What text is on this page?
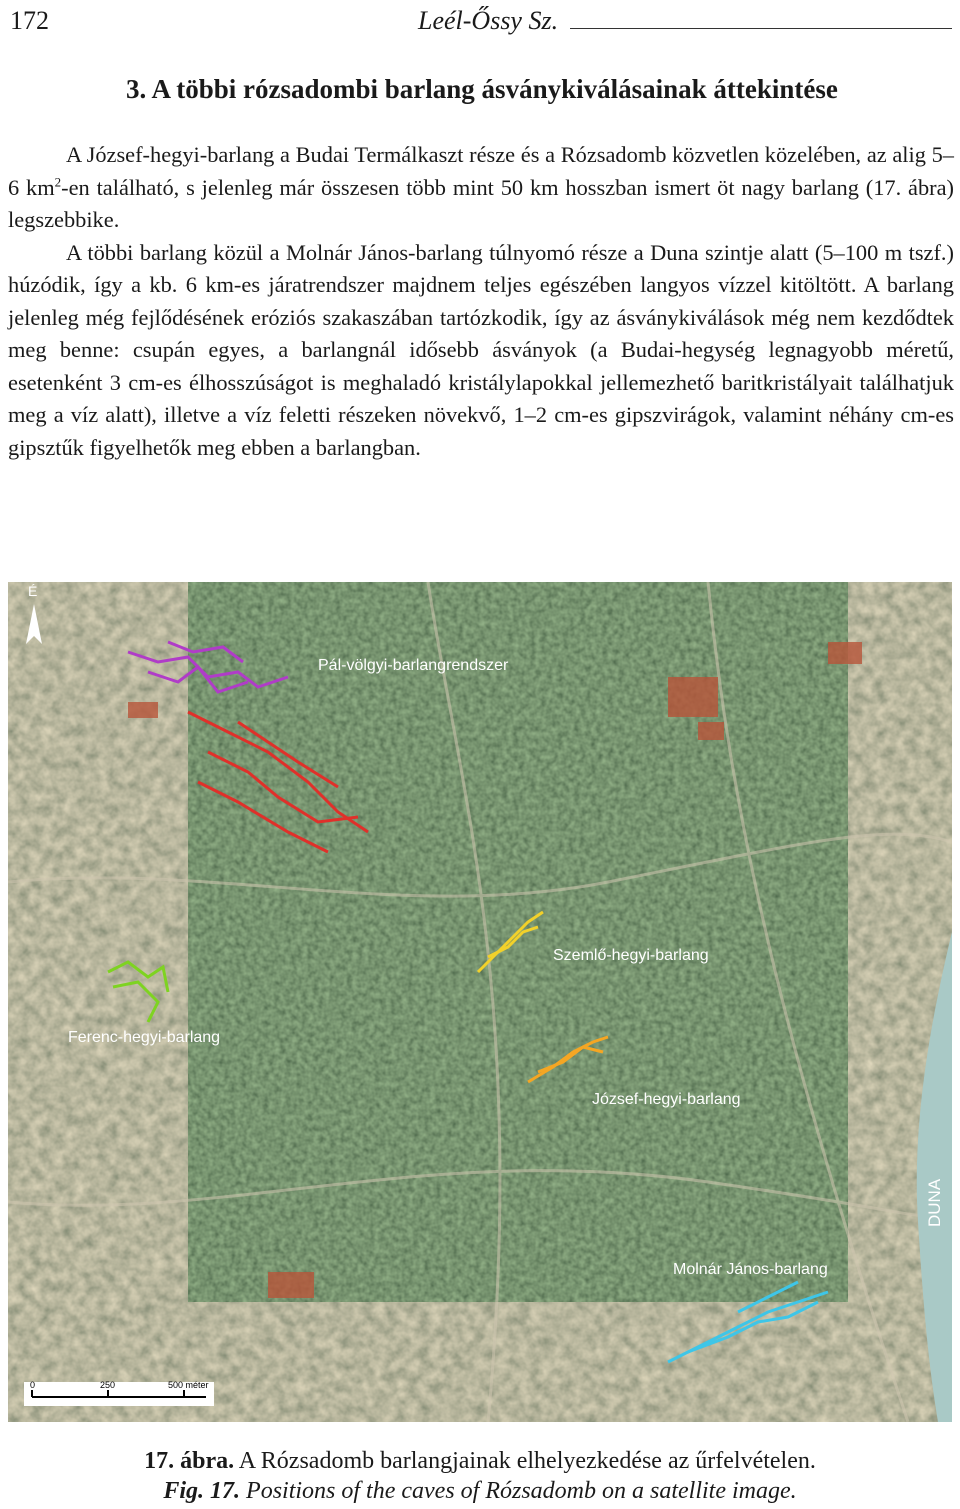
172	Leél-Őssy Sz.
3. A többi rózsadombi barlang ásványkiválásainak áttekintése

A József-hegyi-barlang a Budai Termálkaszt része és a Rózsadomb közvetlen közelében, az alig 5–6 $km^2-en$ található, s jelenleg már összesen több mint 50 km hosszban ismert öt nagy barlang (17. ábra) legszebbike.

A többi barlang közül a Molnár János-barlang túlnyomó része a Duna szintje alatt (5–100 m tszf.) húzódik, így a kb. 6 km-es járatrendszer majdnem teljes egészében langyos vízzel kitöltött. A barlang jelenleg még fejlődésének eróziós szakaszában tartózkodik, így az ásványkiválások még nem kezdődtek meg benne: csupán egyes, a barlangnál idősebb ásványok (a Budai-hegység legnagyobb méretű, esetenként 3 cm-es élhosszúságot is meghaladó kristálylapokkal jellemezhető baritkristályait találhatjuk meg a víz alatt), illetve a víz feletti részeken növekvő, 1–2 cm-es gipszvirágok, valamint néhány cm-es gipsztűk figyelhetők meg ebben a barlangban.

É
Pál-völgyi-barlangrendszer
Szemlő-hegyi-barlang
Ferenc-hegyi-barlang
József-hegyi-barlang
Molnár János-barlang
DUNA
0	250	500 méter
17. ábra. A Rózsadomb barlangjainak elhelyezkedése az űrfelvételen.
Fig. 17. Positions of the caves of Rózsadomb on a satellite image.
